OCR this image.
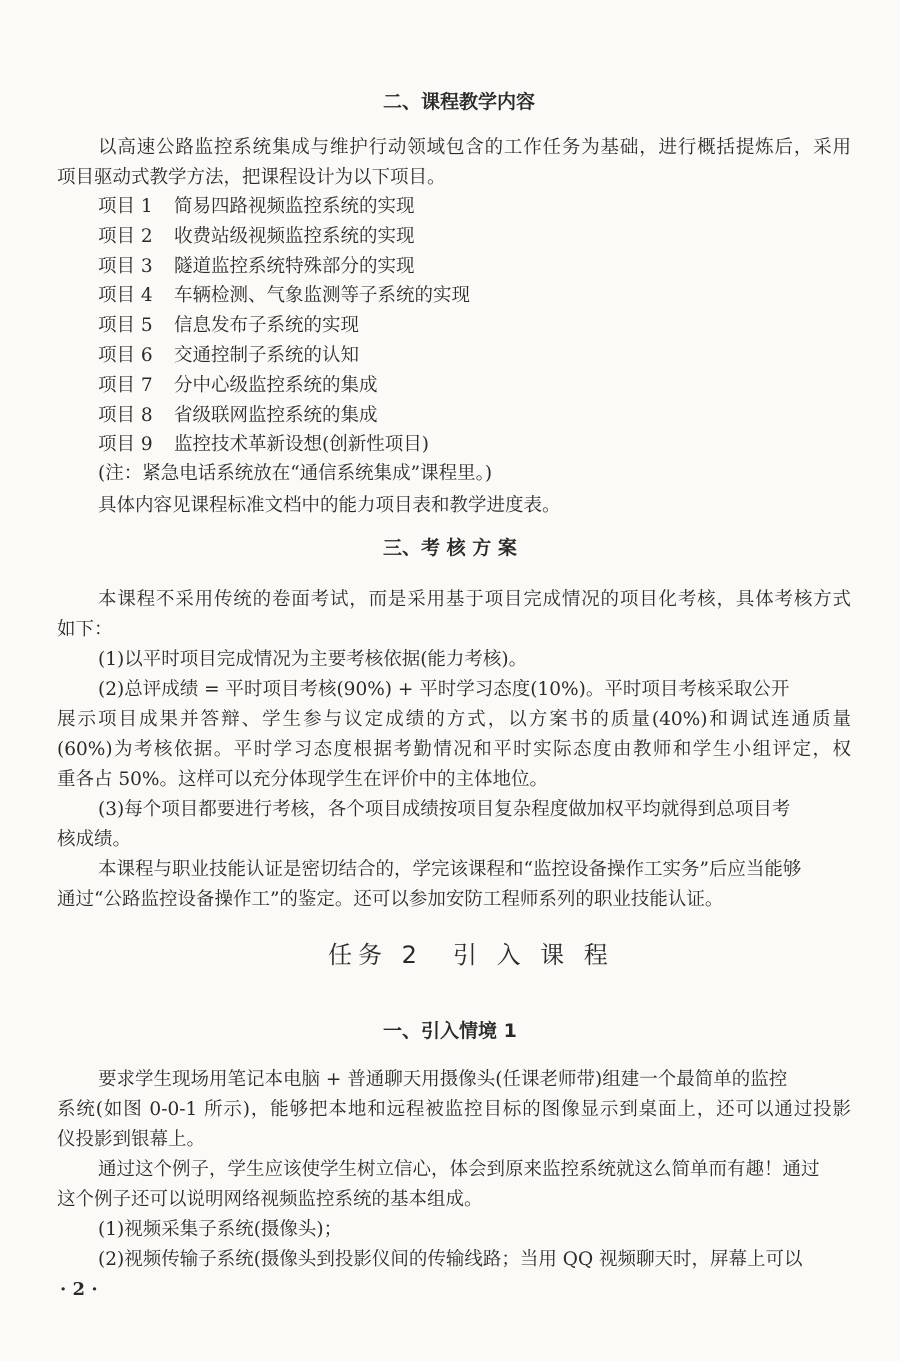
二、课程教学内容
以高速公路监控系统集成与维护行动领域包含的工作任务为基础，进行概括提炼后，采用
项目驱动式教学方法，把课程设计为以下项目。
项目 1 简易四路视频监控系统的实现
项目 2 收费站级视频监控系统的实现
项目 3 隧道监控系统特殊部分的实现
项目 4 车辆检测、气象监测等子系统的实现
项目 5 信息发布子系统的实现
项目 6 交通控制子系统的认知
项目 7 分中心级监控系统的集成
项目 8 省级联网监控系统的集成
项目 9 监控技术革新设想(创新性项目)
(注：紧急电话系统放在“通信系统集成”课程里。)
具体内容见课程标准文档中的能力项目表和教学进度表。
三、考 核 方 案
本课程不采用传统的卷面考试，而是采用基于项目完成情况的项目化考核，具体考核方式
如下：
(1)以平时项目完成情况为主要考核依据(能力考核)。
(2)总评成绩 = 平时项目考核(90%) + 平时学习态度(10%)。平时项目考核采取公开
展示项目成果并答辩、学生参与议定成绩的方式，以方案书的质量(40%)和调试连通质量
(60%)为考核依据。平时学习态度根据考勤情况和平时实际态度由教师和学生小组评定，权
重各占 50%。这样可以充分体现学生在评价中的主体地位。
(3)每个项目都要进行考核，各个项目成绩按项目复杂程度做加权平均就得到总项目考
核成绩。
本课程与职业技能认证是密切结合的，学完该课程和“监控设备操作工实务”后应当能够
通过“公路监控设备操作工”的鉴定。还可以参加安防工程师系列的职业技能认证。
任务 2　引 入 课 程
一、引入情境 1
要求学生现场用笔记本电脑 + 普通聊天用摄像头(任课老师带)组建一个最简单的监控
系统(如图 0-0-1 所示)，能够把本地和远程被监控目标的图像显示到桌面上，还可以通过投影
仪投影到银幕上。
通过这个例子，学生应该使学生树立信心，体会到原来监控系统就这么简单而有趣！通过
这个例子还可以说明网络视频监控系统的基本组成。
(1)视频采集子系统(摄像头)；
(2)视频传输子系统(摄像头到投影仪间的传输线路；当用 QQ 视频聊天时，屏幕上可以
· 2 ·
